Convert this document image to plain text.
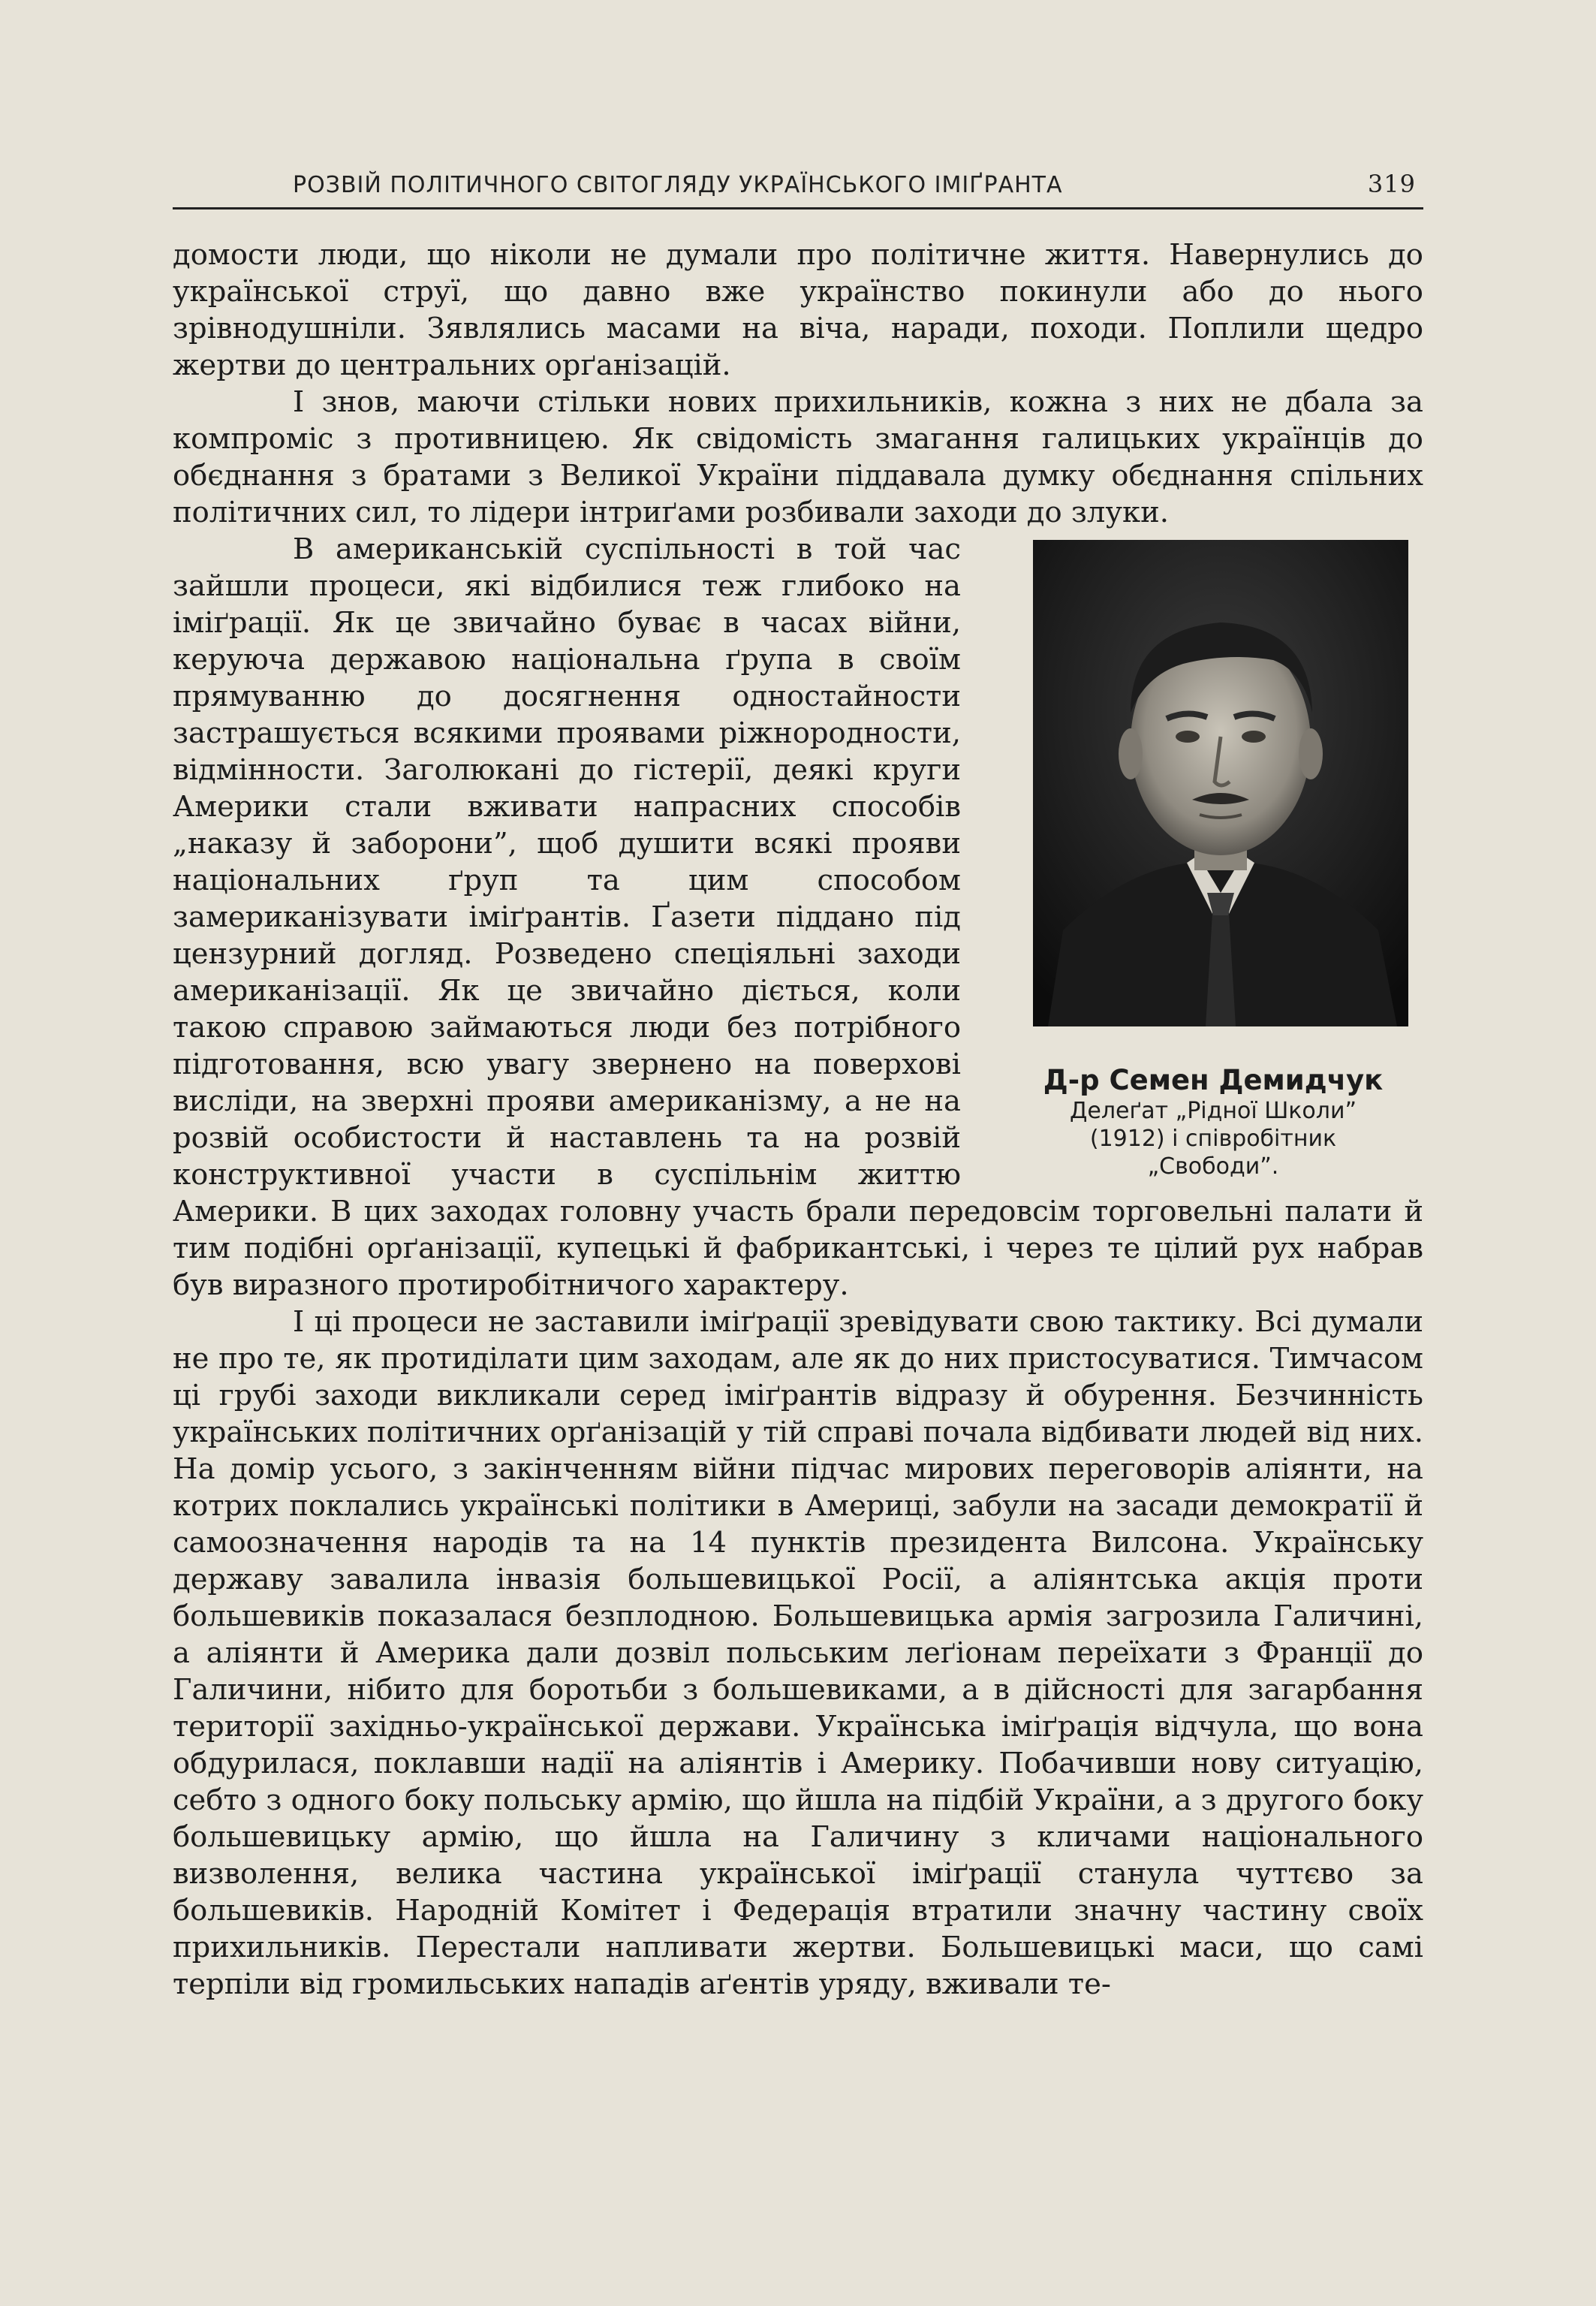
РОЗВІЙ ПОЛІТИЧНОГО СВІТОГЛЯДУ УКРАЇНСЬКОГО ІМІҐРАНТА	319

домости люди, що ніколи не думали про політичне життя. Навернулись до української струї, що давно вже українство покинули або до нього зрівнодушніли. Зявлялись масами на віча, наради, походи. Поплили щедро жертви до центральних орґанізацій.

І знов, маючи стільки нових прихильників, кожна з них не дбала за компроміс з противницею. Як свідомість змагання галицьких українців до обєднання з братами з Великої України піддавала думку обєднання спільних політичних сил, то лідери інтриґами розбивали заходи до злуки.

Д-р Семен Демидчук
Делеґат „Рідної Школи”
(1912) і співробітник
„Свободи”.

В американській суспільності в той час зайшли процеси, які відбилися теж глибоко на іміґрації. Як це звичайно буває в часах війни, керуюча державою національна ґрупа в своїм прямуванню до досягнення одностайности застрашується всякими проявами ріжнородности, відмінности. Заголюкані до гістерії, деякі круги Америки стали вживати напрасних способів „наказу й заборони”, щоб душити всякі прояви національних ґруп та цим способом замериканізувати іміґрантів. Ґазети піддано під цензурний догляд. Розведено спеціяльні заходи американізації. Як це звичайно діється, коли такою справою займаються люди без потрібного підготовання, всю увагу звернено на поверхові висліди, на зверхні прояви американізму, а не на розвій особистости й наставлень та на розвій конструктивної участи в суспільнім життю Америки. В цих заходах головну участь брали передовсім торговельні палати й тим подібні орґанізації, купецькі й фабрикантські, і через те цілий рух набрав був виразного протиробітничого характеру.

І ці процеси не заставили іміґрації зревідувати свою тактику. Всі думали не про те, як протиділати цим заходам, але як до них пристосуватися. Тимчасом ці грубі заходи викликали серед іміґрантів відразу й обурення. Безчинність українських політичних орґанізацій у тій справі почала відбивати людей від них. На домір усього, з закінченням війни підчас мирових переговорів аліянти, на котрих поклались українські політики в Америці, забули на засади демократії й самоозначення народів та на 14 пунктів президента Вилсона. Українську державу завалила інвазія большевицької Росії, а аліянтська акція проти большевиків показалася безплодною. Большевицька армія загрозила Галичині, а аліянти й Америка дали дозвіл польським леґіонам переїхати з Франції до Галичини, нібито для боротьби з большевиками, а в дійсності для загарбання території західньо-української держави. Українська іміґрація відчула, що вона обдурилася, поклавши надії на аліянтів і Америку. Побачивши нову ситуацію, себто з одного боку польську армію, що йшла на підбій України, а з другого боку большевицьку армію, що йшла на Галичину з кличами національного визволення, велика частина української іміґрації станула чуттєво за большевиків. Народній Комітет і Федерація втратили значну частину своїх прихильників. Перестали напливати жертви. Большевицькі маси, що самі терпіли від громильських нападів аґентів уряду, вживали те-
